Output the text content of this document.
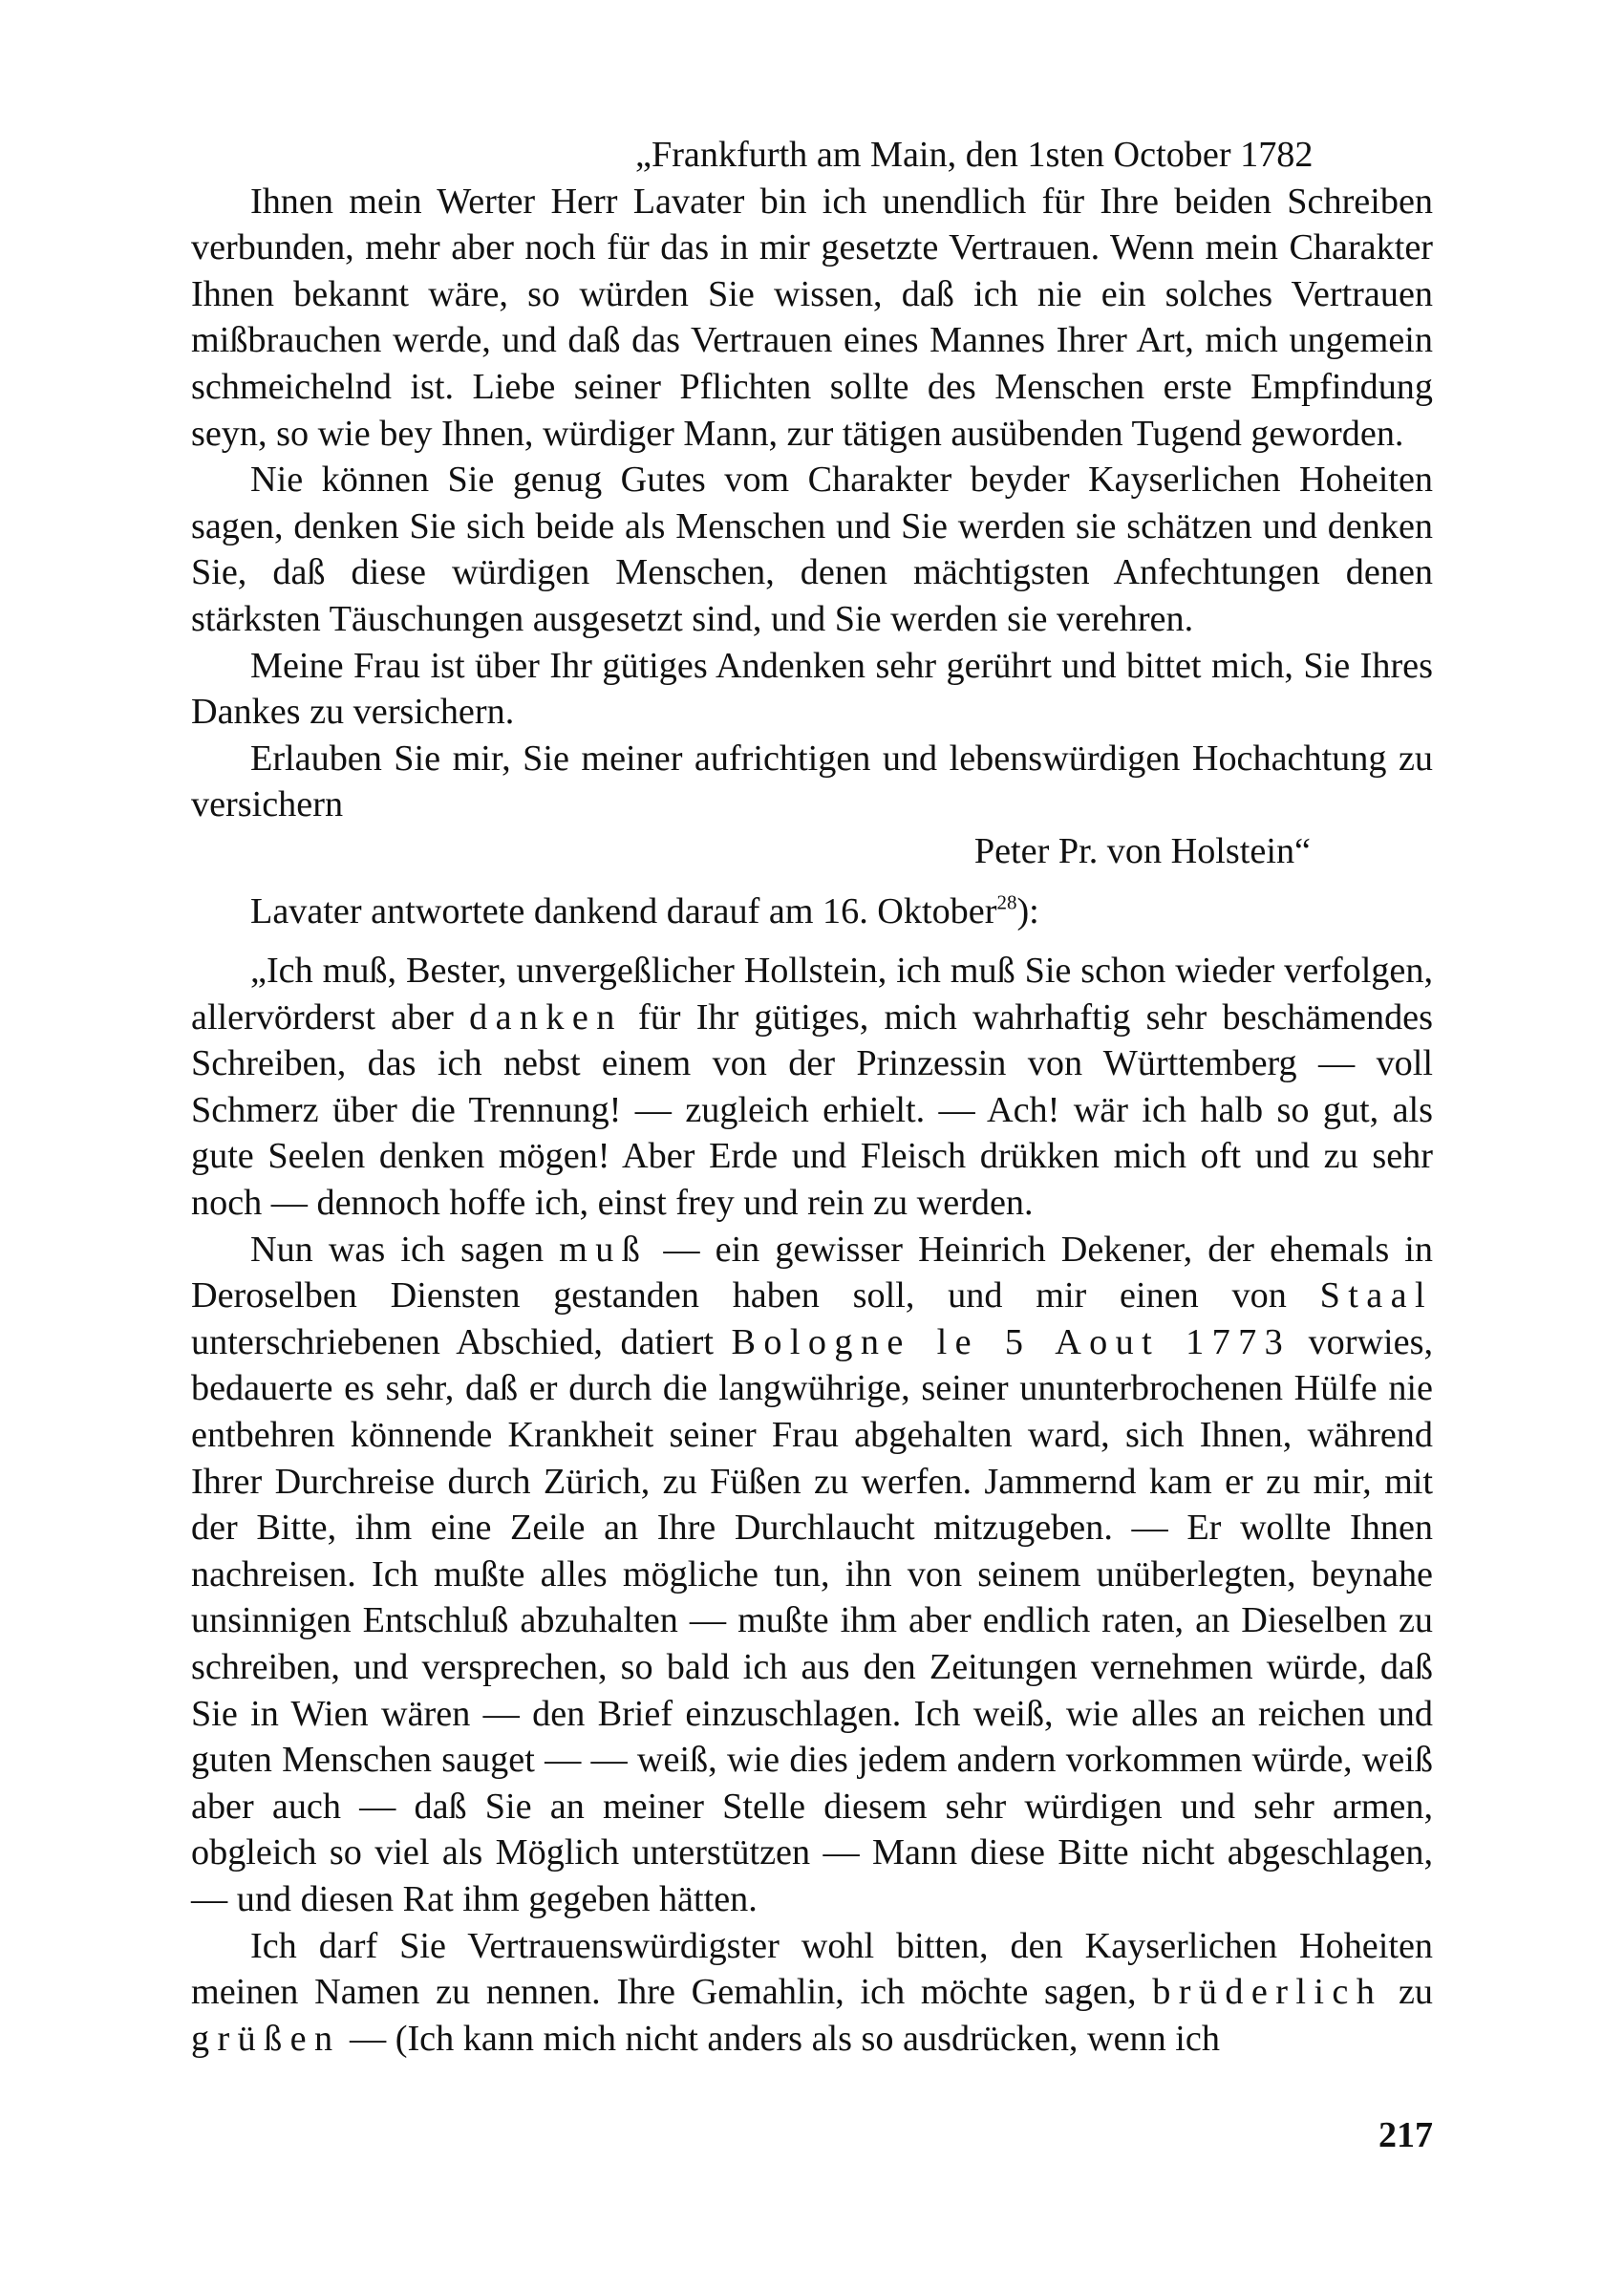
„Frankfurth am Main, den 1sten October 1782

Ihnen mein Werter Herr Lavater bin ich unendlich für Ihre beiden Schreiben verbunden, mehr aber noch für das in mir gesetzte Vertrauen. Wenn mein Charakter Ihnen bekannt wäre, so würden Sie wissen, daß ich nie ein solches Vertrauen mißbrauchen werde, und daß das Vertrauen eines Mannes Ihrer Art, mich ungemein schmeichelnd ist. Liebe seiner Pflichten sollte des Menschen erste Empfindung seyn, so wie bey Ihnen, würdiger Mann, zur tätigen ausübenden Tugend geworden.

Nie können Sie genug Gutes vom Charakter beyder Kayserlichen Hoheiten sagen, denken Sie sich beide als Menschen und Sie werden sie schätzen und denken Sie, daß diese würdigen Menschen, denen mächtigsten Anfechtungen denen stärksten Täuschungen ausgesetzt sind, und Sie werden sie verehren.

Meine Frau ist über Ihr gütiges Andenken sehr gerührt und bittet mich, Sie Ihres Dankes zu versichern.

Erlauben Sie mir, Sie meiner aufrichtigen und lebenswürdigen Hochachtung zu versichern

Peter Pr. von Holstein“

Lavater antwortete dankend darauf am 16. Oktober$^{28}$):

„Ich muß, Bester, unvergeßlicher Hollstein, ich muß Sie schon wieder verfolgen, allervörderst aber danken für Ihr gütiges, mich wahrhaftig sehr beschämendes Schreiben, das ich nebst einem von der Prinzessin von Württemberg — voll Schmerz über die Trennung! — zugleich erhielt. — Ach! wär ich halb so gut, als gute Seelen denken mögen! Aber Erde und Fleisch drükken mich oft und zu sehr noch — dennoch hoffe ich, einst frey und rein zu werden.

Nun was ich sagen muß — ein gewisser Heinrich Dekener, der ehemals in Deroselben Diensten gestanden haben soll, und mir einen von Staal unterschriebenen Abschied, datiert Bologne le 5 Aout 1773 vorwies, bedauerte es sehr, daß er durch die langwührige, seiner ununterbrochenen Hülfe nie entbehren könnende Krankheit seiner Frau abgehalten ward, sich Ihnen, während Ihrer Durchreise durch Zürich, zu Füßen zu werfen. Jammernd kam er zu mir, mit der Bitte, ihm eine Zeile an Ihre Durchlaucht mitzugeben. — Er wollte Ihnen nachreisen. Ich mußte alles mögliche tun, ihn von seinem unüberlegten, beynahe unsinnigen Entschluß abzuhalten — mußte ihm aber endlich raten, an Dieselben zu schreiben, und versprechen, so bald ich aus den Zeitungen vernehmen würde, daß Sie in Wien wären — den Brief einzuschlagen. Ich weiß, wie alles an reichen und guten Menschen sauget — — weiß, wie dies jedem andern vorkommen würde, weiß aber auch — daß Sie an meiner Stelle diesem sehr würdigen und sehr armen, obgleich so viel als Möglich unterstützen — Mann diese Bitte nicht abgeschlagen, — und diesen Rat ihm gegeben hätten.

Ich darf Sie Vertrauenswürdigster wohl bitten, den Kayserlichen Hoheiten meinen Namen zu nennen. Ihre Gemahlin, ich möchte sagen, brüderlich zu grüßen — (Ich kann mich nicht anders als so ausdrücken, wenn ich

217
